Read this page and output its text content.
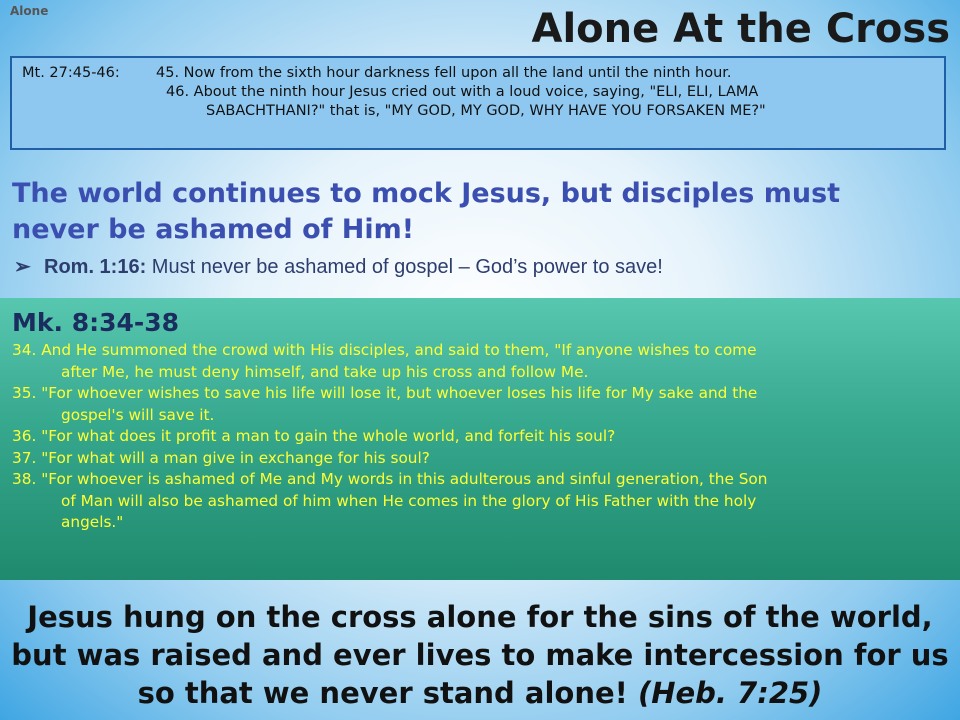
Alone	Alone At the Cross
Mt. 27:45-46: 45. Now from the sixth hour darkness fell upon all the land until the ninth hour.
46. About the ninth hour Jesus cried out with a loud voice, saying, "ELI, ELI, LAMA
SABACHTHANI?" that is, "MY GOD, MY GOD, WHY HAVE YOU FORSAKEN ME?"
The world continues to mock Jesus, but disciples must never be ashamed of Him!
➢ Rom. 1:16: Must never be ashamed of gospel – God’s power to save!
Mk. 8:34-38
34. And He summoned the crowd with His disciples, and said to them, "If anyone wishes to come
after Me, he must deny himself, and take up his cross and follow Me.
35. "For whoever wishes to save his life will lose it, but whoever loses his life for My sake and the
gospel's will save it.
36. "For what does it profit a man to gain the whole world, and forfeit his soul?
37. "For what will a man give in exchange for his soul?
38. "For whoever is ashamed of Me and My words in this adulterous and sinful generation, the Son
of Man will also be ashamed of him when He comes in the glory of His Father with the holy
angels."
Jesus hung on the cross alone for the sins of the world,
but was raised and ever lives to make intercession for us
so that we never stand alone! (Heb. 7:25)
